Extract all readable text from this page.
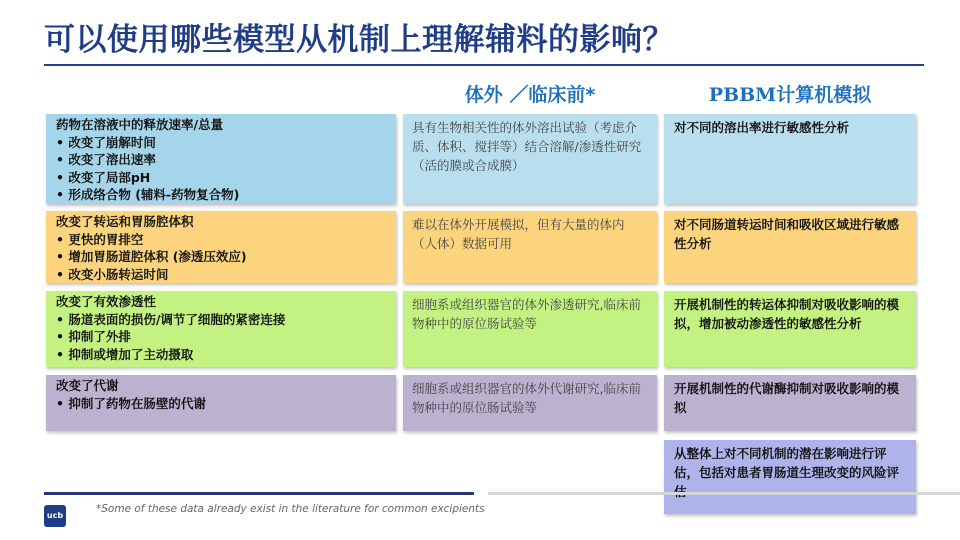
可以使用哪些模型从机制上理解辅料的影响？
体外 ／临床前*	PBBM计算机模拟
药物在溶液中的释放速率/总量
• 改变了崩解时间
• 改变了溶出速率
• 改变了局部pH
• 形成络合物 (辅料-药物复合物)
具有生物相关性的体外溶出试验（考虑介质、体积、搅拌等）结合溶解/渗透性研究（活的膜或合成膜）
对不同的溶出率进行敏感性分析
改变了转运和胃肠腔体积
• 更快的胃排空
• 增加胃肠道腔体积 (渗透压效应)
• 改变小肠转运时间
难以在体外开展模拟，但有大量的体内（人体）数据可用
对不同肠道转运时间和吸收区域进行敏感性分析
改变了有效渗透性
• 肠道表面的损伤/调节了细胞的紧密连接
• 抑制了外排
• 抑制或增加了主动摄取
细胞系或组织器官的体外渗透研究,临床前物种中的原位肠试验等
开展机制性的转运体抑制对吸收影响的模拟，增加被动渗透性的敏感性分析
改变了代谢
• 抑制了药物在肠壁的代谢
细胞系或组织器官的体外代谢研究,临床前物种中的原位肠试验等
开展机制性的代谢酶抑制对吸收影响的模拟
从整体上对不同机制的潜在影响进行评估，包括对患者胃肠道生理改变的风险评
ucb
*Some of these data already exist in the literature for common excipients
